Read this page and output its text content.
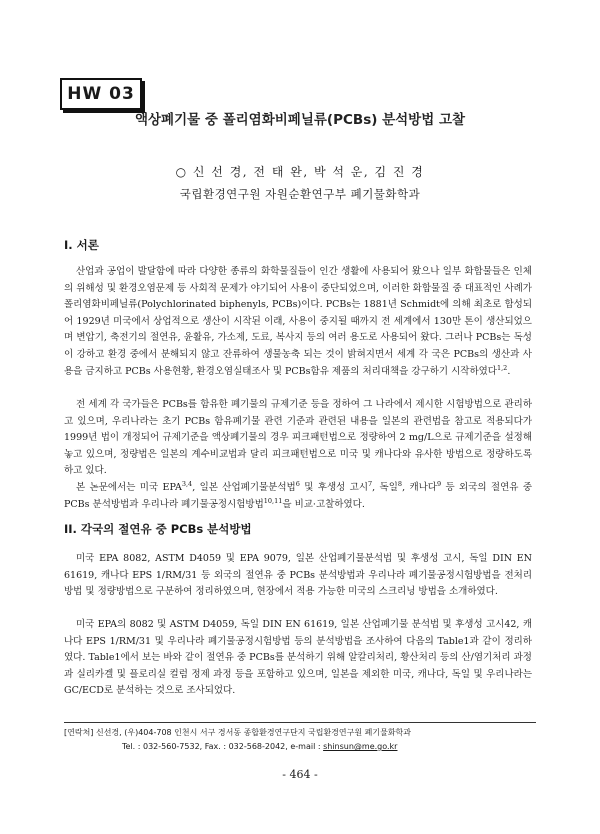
HW 03
액상폐기물 중 폴리염화비페닐류(PCBs) 분석방법 고찰
○ 신 선 경, 전 태 완, 박 석 운, 김 진 경
국립환경연구원 자원순환연구부 폐기물화학과
I. 서론

산업과 공업이 발달함에 따라 다양한 종류의 화학물질들이 인간 생활에 사용되어 왔으나 일부 화합물들은 인체의 위해성 및 환경오염문제 등 사회적 문제가 야기되어 사용이 중단되었으며, 이러한 화합물질 중 대표적인 사례가 폴리염화비페닐류(Polychlorinated biphenyls, PCBs)이다. PCBs는 1881년 Schmidt에 의해 최초로 합성되어 1929년 미국에서 상업적으로 생산이 시작된 이래, 사용이 중지될 때까지 전 세계에서 130만 톤이 생산되었으며 변압기, 축전기의 절연유, 윤활유, 가소제, 도료, 복사지 등의 여러 용도로 사용되어 왔다. 그러나 PCBs는 독성이 강하고 환경 중에서 분해되지 않고 잔류하여 생물농축 되는 것이 밝혀지면서 세계 각 국은 PCBs의 생산과 사용을 금지하고 PCBs 사용현황, 환경오염실태조사 및 PCBs함유 제품의 처리대책을 강구하기 시작하였다$^{1,2}$.

전 세계 각 국가들은 PCBs를 함유한 폐기물의 규제기준 등을 정하여 그 나라에서 제시한 시험방법으로 관리하고 있으며, 우리나라는 초기 PCBs 함유폐기물 관련 기준과 관련된 내용을 일본의 관련법을 참고로 적용되다가 1999년 법이 개정되어 규제기준을 액상폐기물의 경우 피크패턴법으로 정량하여 2 mg/L으로 규제기준을 설정해 놓고 있으며, 정량법은 일본의 계수비교법과 달리 피크패턴법으로 미국 및 캐나다와 유사한 방법으로 정량하도록 하고 있다.

본 논문에서는 미국 EPA$^{3,4}$, 일본 산업폐기물분석법$^6$ 및 후생성 고시$^7$, 독일$^8$, 캐나다$^9$ 등 외국의 절연유 중 PCBs 분석방법과 우리나라 폐기물공정시험방법$^{10,11}$을 비교·고찰하였다.

II. 각국의 절연유 중 PCBs 분석방법

미국 EPA 8082, ASTM D4059 및 EPA 9079, 일본 산업폐기물분석법 및 후생성 고시, 독일 DIN EN 61619, 캐나다 EPS 1/RM/31 등 외국의 절연유 중 PCBs 분석방법과 우리나라 폐기물공정시험방법을 전처리 방법 및 정량방법으로 구분하여 정리하였으며, 현장에서 적용 가능한 미국의 스크리닝 방법을 소개하였다.

미국 EPA의 8082 및 ASTM D4059, 독일 DIN EN 61619, 일본 산업폐기물 분석법 및 후생성 고시42, 캐나다 EPS 1/RM/31 및 우리나라 폐기물공정시험방법 등의 분석방법을 조사하여 다음의 Table1과 같이 정리하였다. Table1에서 보는 바와 같이 절연유 중 PCBs를 분석하기 위해 알칼리처리, 황산처리 등의 산/염기처리 과정과 실리카겔 및 플로리실 컬럼 정제 과정 등을 포함하고 있으며, 일본을 제외한 미국, 캐나다, 독일 및 우리나라는 GC/ECD로 분석하는 것으로 조사되었다.

[연락처] 신선경, (우)404-708 인천시 서구 경서동 종합환경연구단지 국립환경연구원 폐기물화학과
Tel. : 032-560-7532, Fax. : 032-568-2042, e-mail : shinsun@me.go.kr
- 464 -
